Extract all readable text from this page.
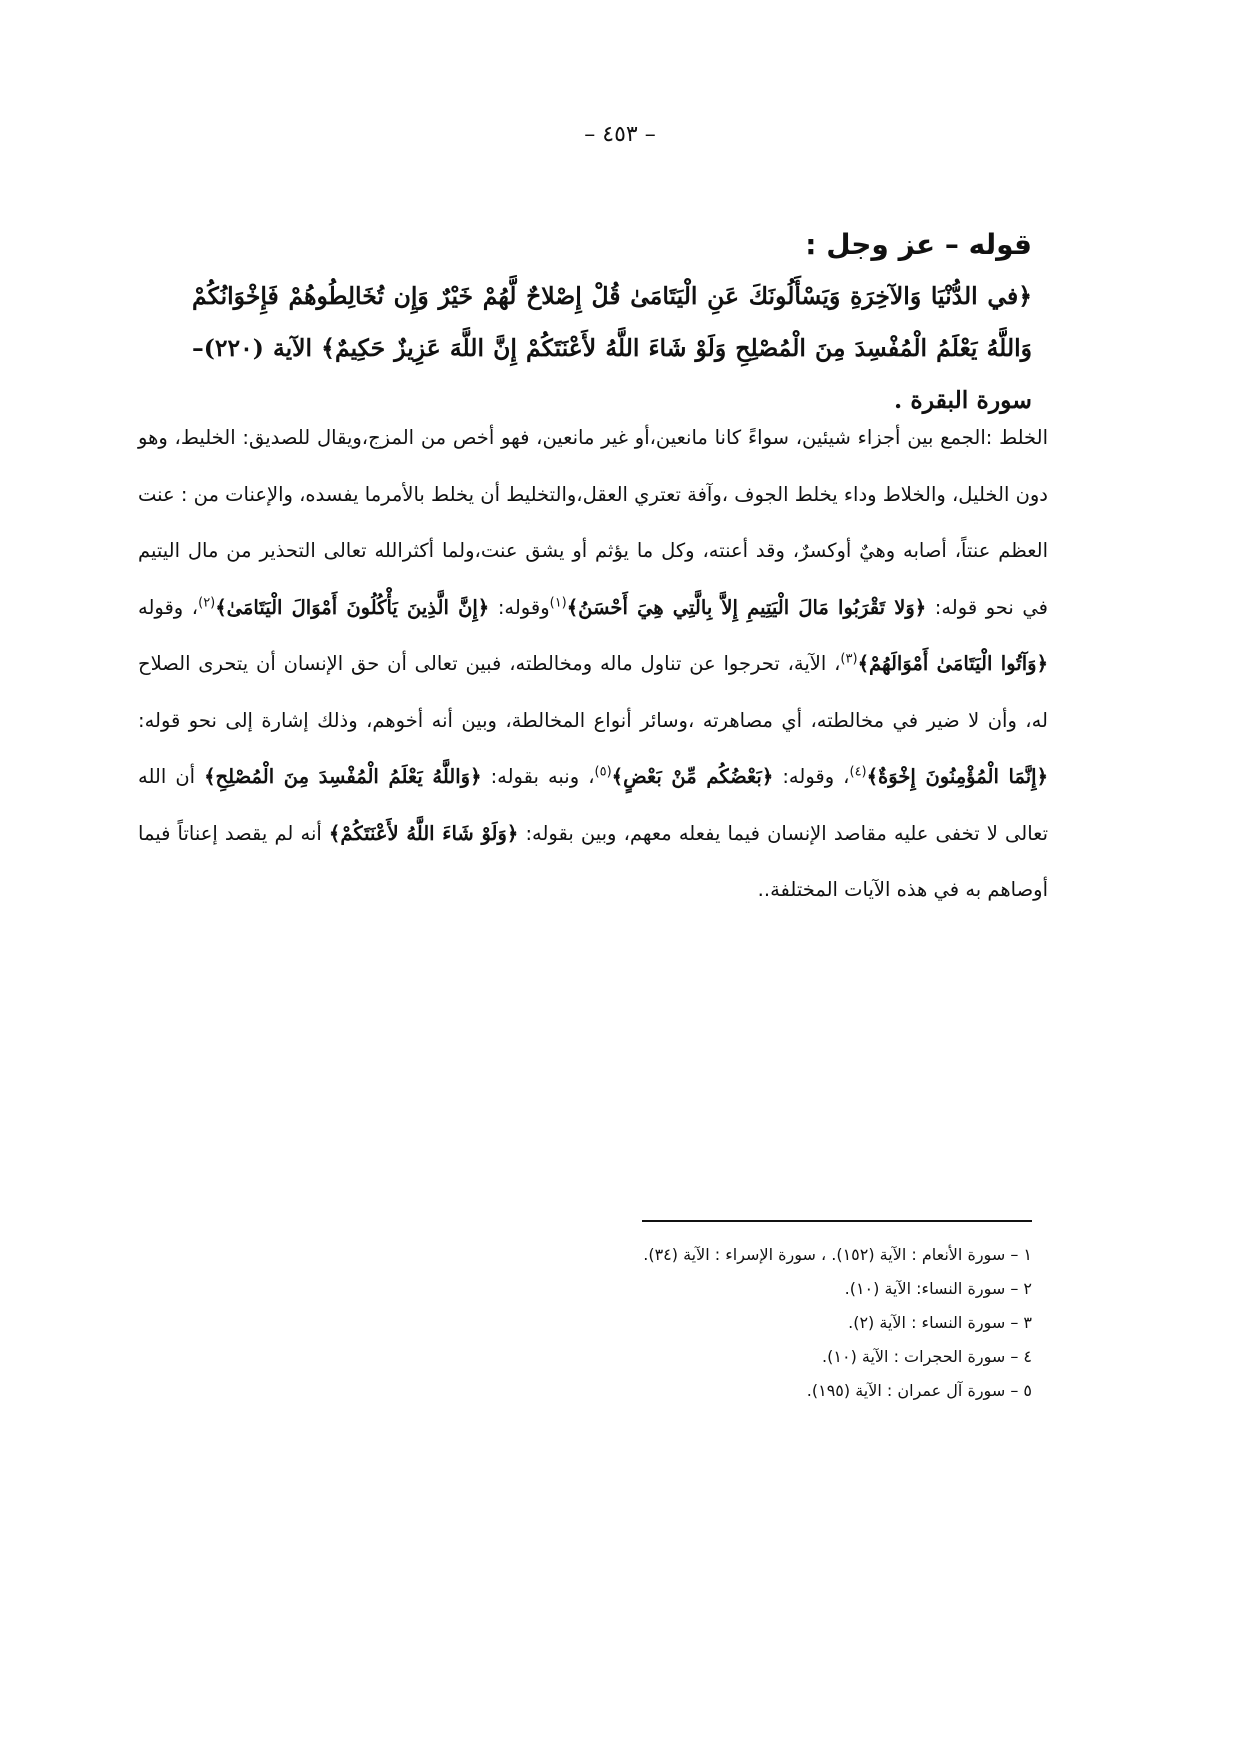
– ٤٥٣ –
قوله – عز وجل :
﴿في الدُّنْيَا وَالآخِرَةِ وَيَسْأَلُونَكَ عَنِ الْيَتَامَىٰ قُلْ إِصْلاحٌ لَّهُمْ خَيْرٌ وَإِن تُخَالِطُوهُمْ فَإِخْوَانُكُمْ وَاللَّهُ يَعْلَمُ الْمُفْسِدَ مِنَ الْمُصْلِحِ وَلَوْ شَاءَ اللَّهُ لأَعْنَتَكُمْ إِنَّ اللَّهَ عَزِيزٌ حَكِيمٌ﴾ الآية (٢٢٠)– سورة البقرة .

الخلط :الجمع بين أجزاء شيئين، سواءً كانا مانعين،أو غير مانعين، فهو أخص من المزج،ويقال للصديق: الخليط، وهو دون الخليل، والخلاط وداء يخلط الجوف ،وآفة تعتري العقل،والتخليط أن يخلط بالأمرما يفسده، والإعنات من : عنت العظم عنتاً، أصابه وهيٌ أوكسرٌ، وقد أعنته، وكل ما يؤثم أو يشق عنت،ولما أكثرالله تعالى التحذير من مال اليتيم في نحو قوله: ﴿وَلا تَقْرَبُوا مَالَ الْيَتِيمِ إِلاَّ بِالَّتِي هِيَ أَحْسَنُ﴾$^{(١)}$وقوله: ﴿إِنَّ الَّذِينَ يَأْكُلُونَ أَمْوَالَ الْيَتَامَىٰ﴾$^{(٢)}$، وقوله ﴿وَآتُوا الْيَتَامَىٰ أَمْوَالَهُمْ﴾$^{(٣)}$، الآية، تحرجوا عن تناول ماله ومخالطته، فبين تعالى أن حق الإنسان أن يتحرى الصلاح له، وأن لا ضير في مخالطته، أي مصاهرته ،وسائر أنواع المخالطة، وبين أنه أخوهم، وذلك إشارة إلى نحو قوله: ﴿إِنَّمَا الْمُؤْمِنُونَ إِخْوَةٌ﴾$^{(٤)}$، وقوله: ﴿بَعْضُكُم مِّنْ بَعْضٍ﴾$^{(٥)}$، ونبه بقوله: ﴿وَاللَّهُ يَعْلَمُ الْمُفْسِدَ مِنَ الْمُصْلِحِ﴾ أن الله تعالى لا تخفى عليه مقاصد الإنسان فيما يفعله معهم، وبين بقوله: ﴿وَلَوْ شَاءَ اللَّهُ لأَعْنَتَكُمْ﴾ أنه لم يقصد إعناتاً فيما أوصاهم به في هذه الآيات المختلفة..

١ – سورة الأنعام : الآية (١٥٢). ، سورة الإسراء : الآية (٣٤).
٢ – سورة النساء: الآية (١٠).
٣ – سورة النساء : الآية (٢).
٤ – سورة الحجرات : الآية (١٠).
٥ – سورة آل عمران : الآية (١٩٥).
